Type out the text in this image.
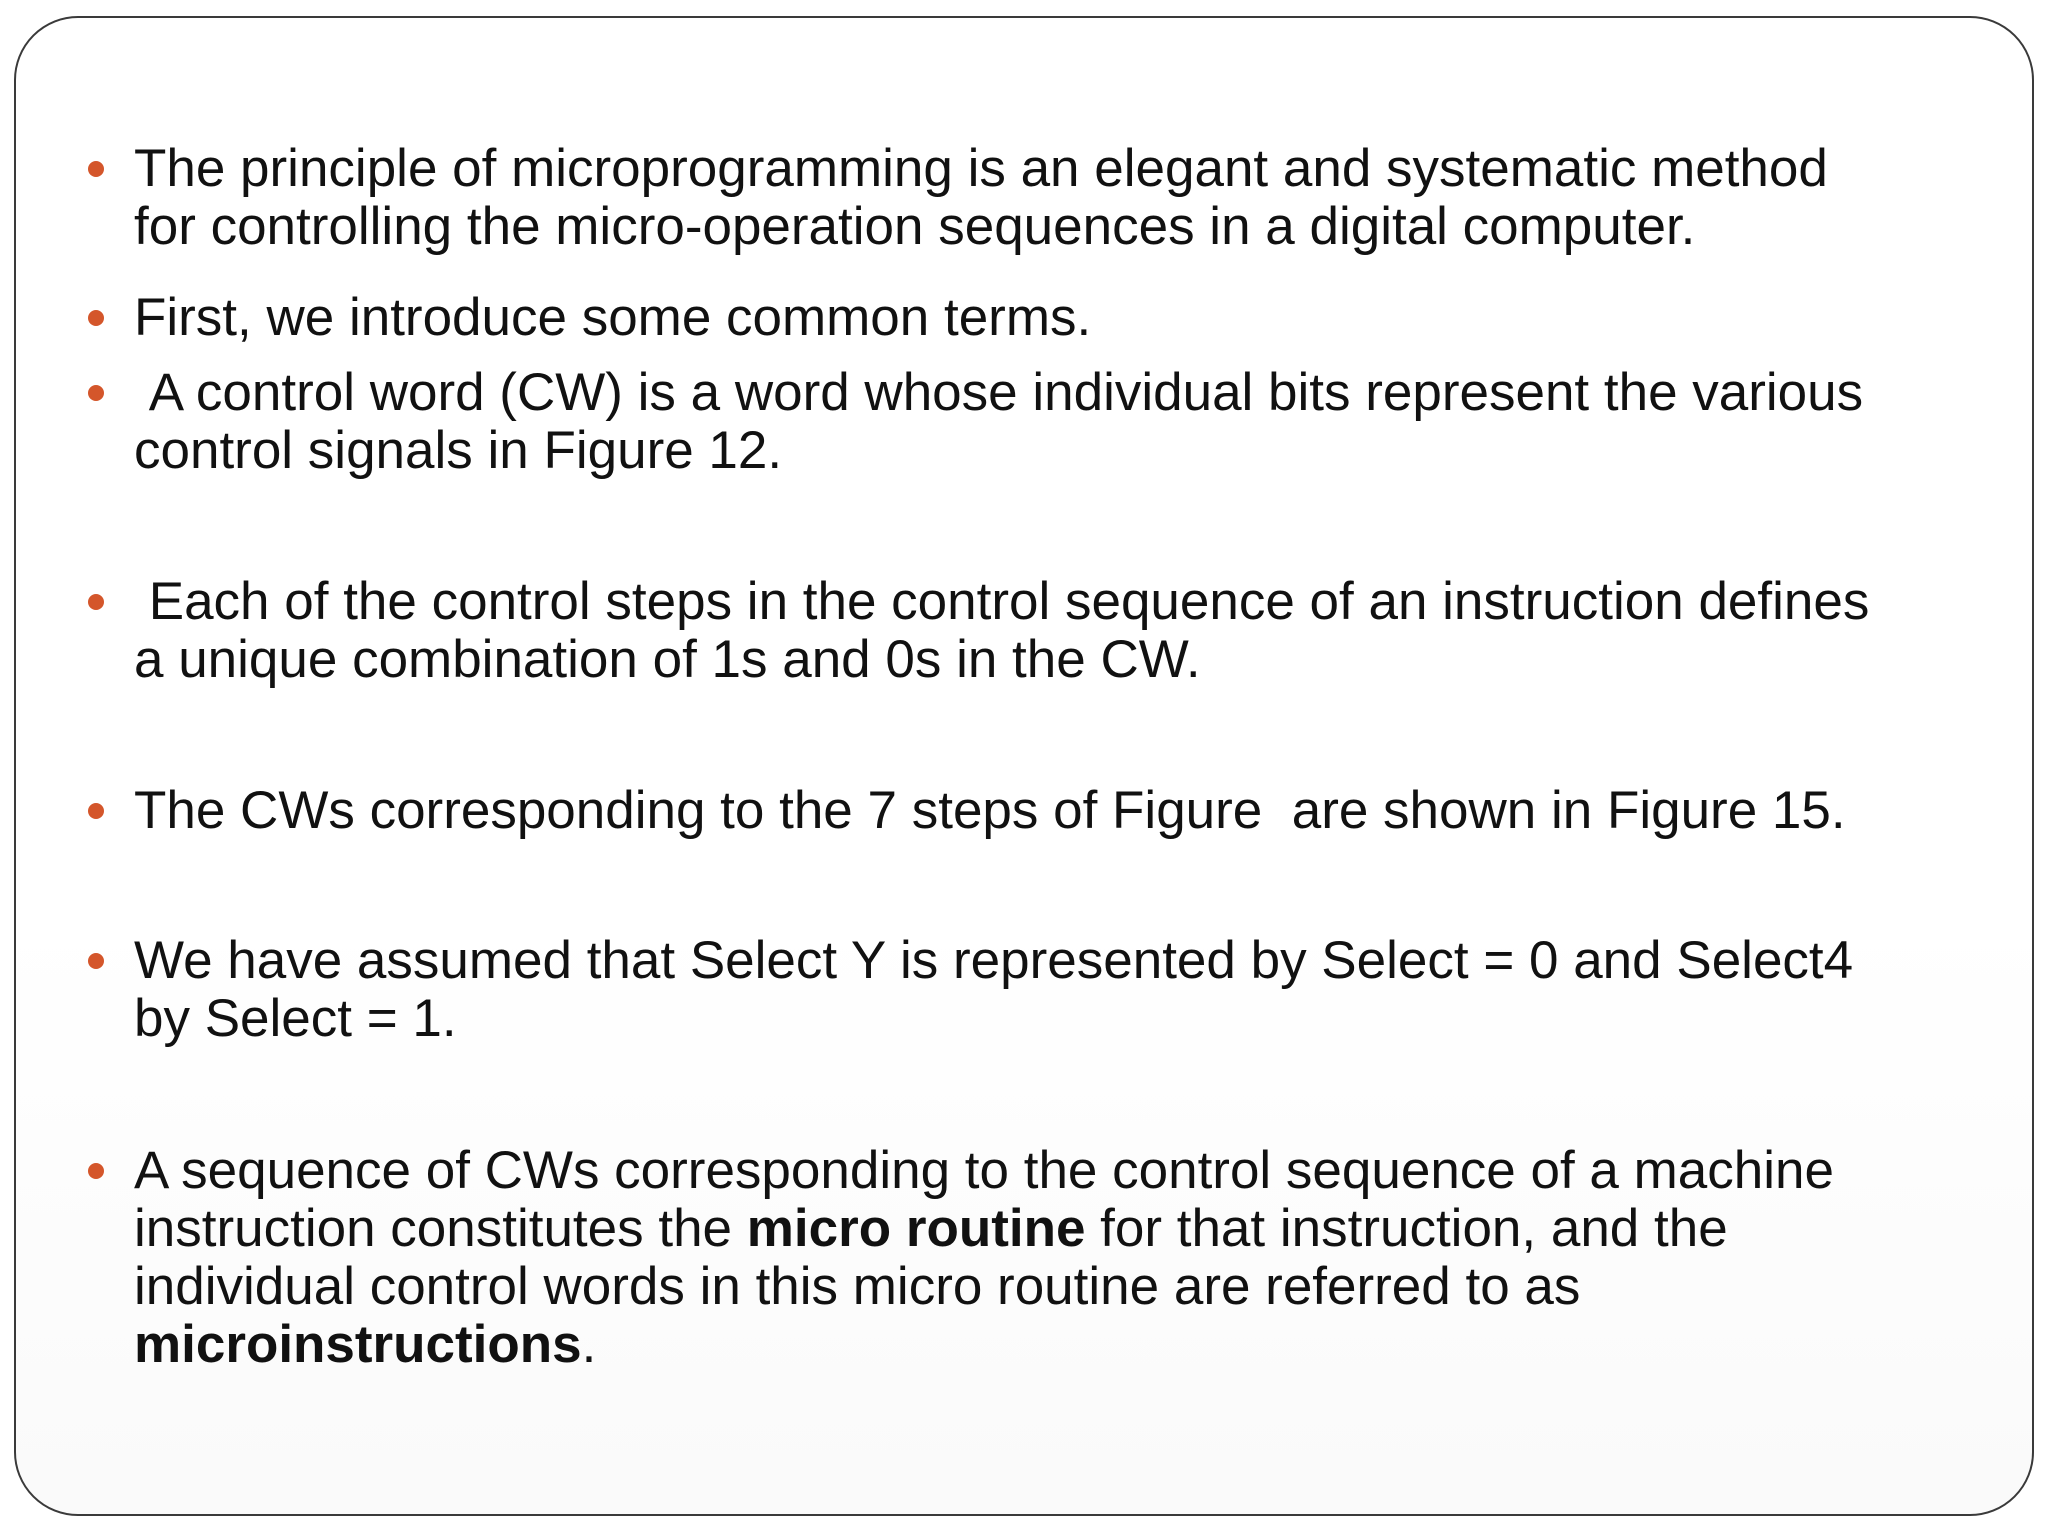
The principle of microprogramming is an elegant and systematic method
for controlling the micro-operation sequences in a digital computer.
First, we introduce some common terms.
A control word (CW) is a word whose individual bits represent the various
control signals in Figure 12.
Each of the control steps in the control sequence of an instruction defines
a unique combination of 1s and 0s in the CW.
The CWs corresponding to the 7 steps of Figure  are shown in Figure 15.
We have assumed that Select Y is represented by Select = 0 and Select4
by Select = 1.
A sequence of CWs corresponding to the control sequence of a machine
instruction constitutes the micro routine for that instruction, and the
individual control words in this micro routine are referred to as
microinstructions.
